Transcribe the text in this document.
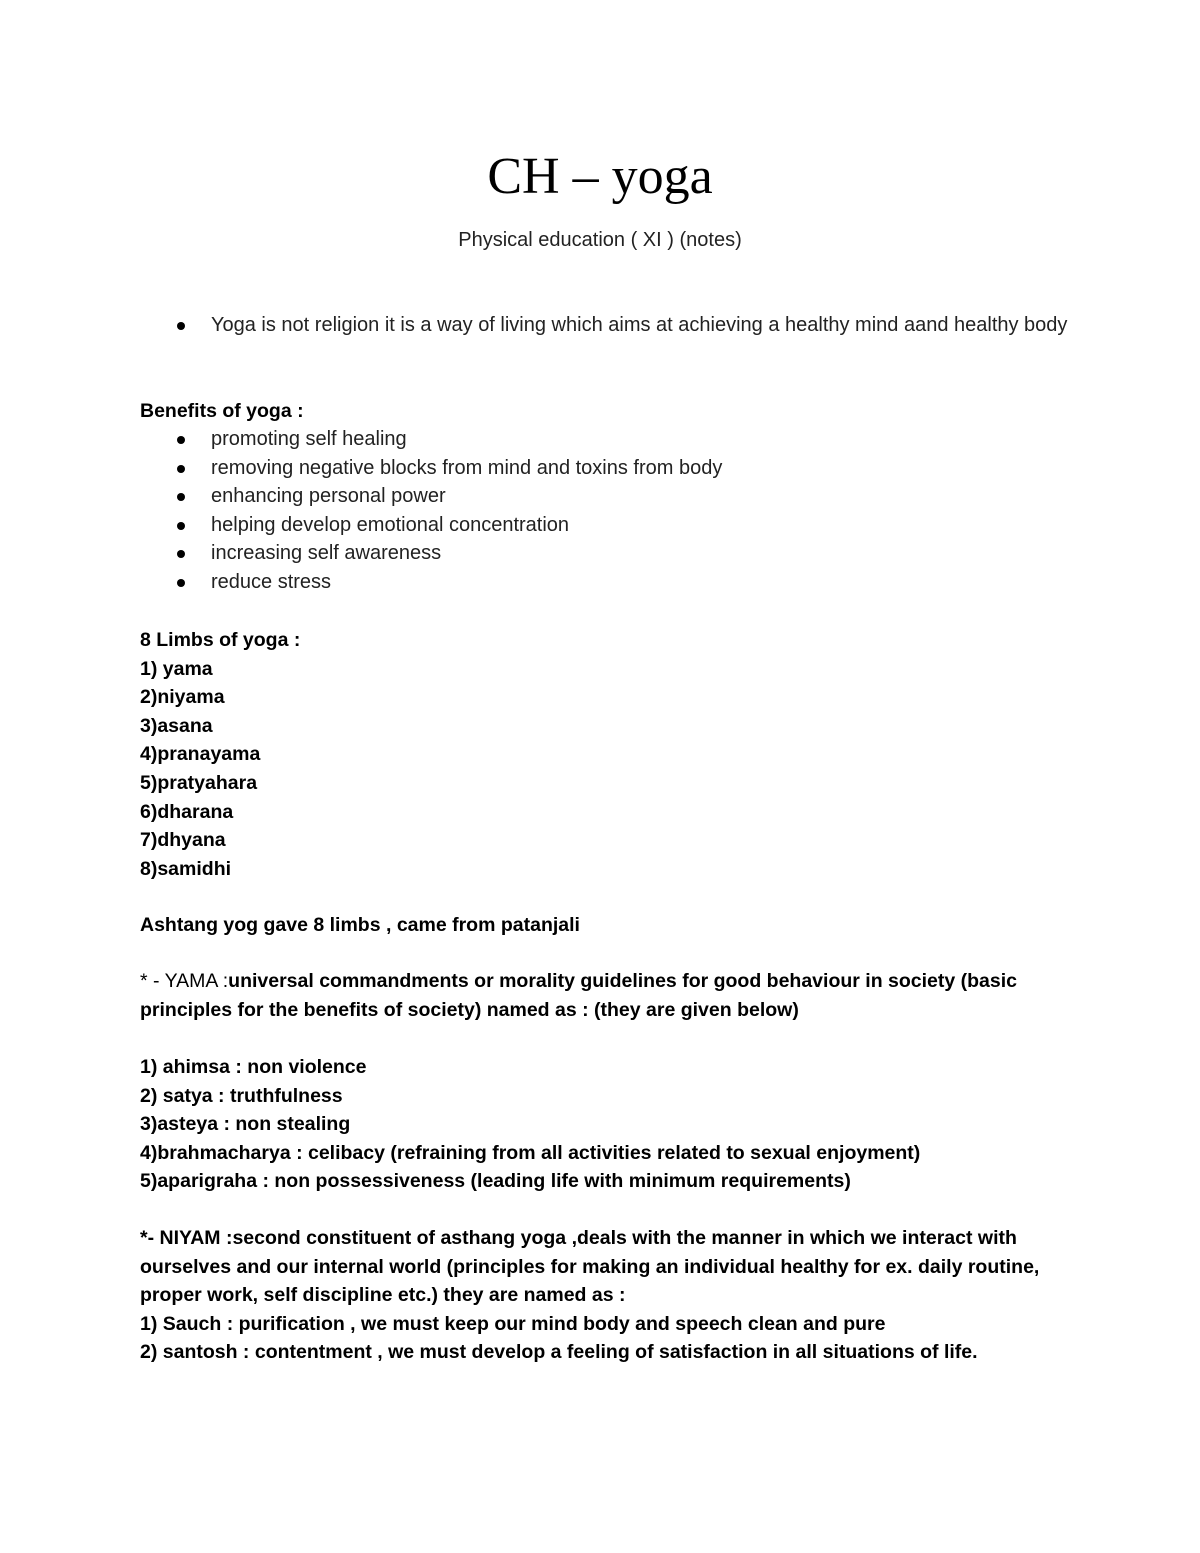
CH – yoga
Physical education ( XI ) (notes)
Yoga is not religion it is a way of living which aims at achieving a healthy mind aand healthy body
Benefits of yoga :
promoting self healing
removing negative blocks from mind and toxins from body
enhancing personal power
helping develop emotional concentration
increasing self awareness
reduce stress
8 Limbs of yoga :
1) yama
2)niyama
3)asana
4)pranayama
5)pratyahara
6)dharana
7)dhyana
8)samidhi
Ashtang yog gave 8 limbs , came from patanjali
* - YAMA :universal commandments or morality guidelines for good behaviour in society (basic principles for the benefits of society) named as : (they are given below)
1) ahimsa : non violence
2) satya : truthfulness
3)asteya : non stealing
4)brahmacharya : celibacy (refraining from all activities related to sexual enjoyment)
5)aparigraha : non possessiveness (leading life with minimum requirements)
*- NIYAM :second constituent of asthang yoga ,deals with the manner in which we interact with ourselves and our internal world (principles for making an individual healthy for ex. daily routine, proper work, self discipline etc.) they are named as :
1) Sauch : purification , we must keep our mind body and speech clean and pure
2) santosh : contentment , we must develop a feeling of satisfaction in all situations of life.
